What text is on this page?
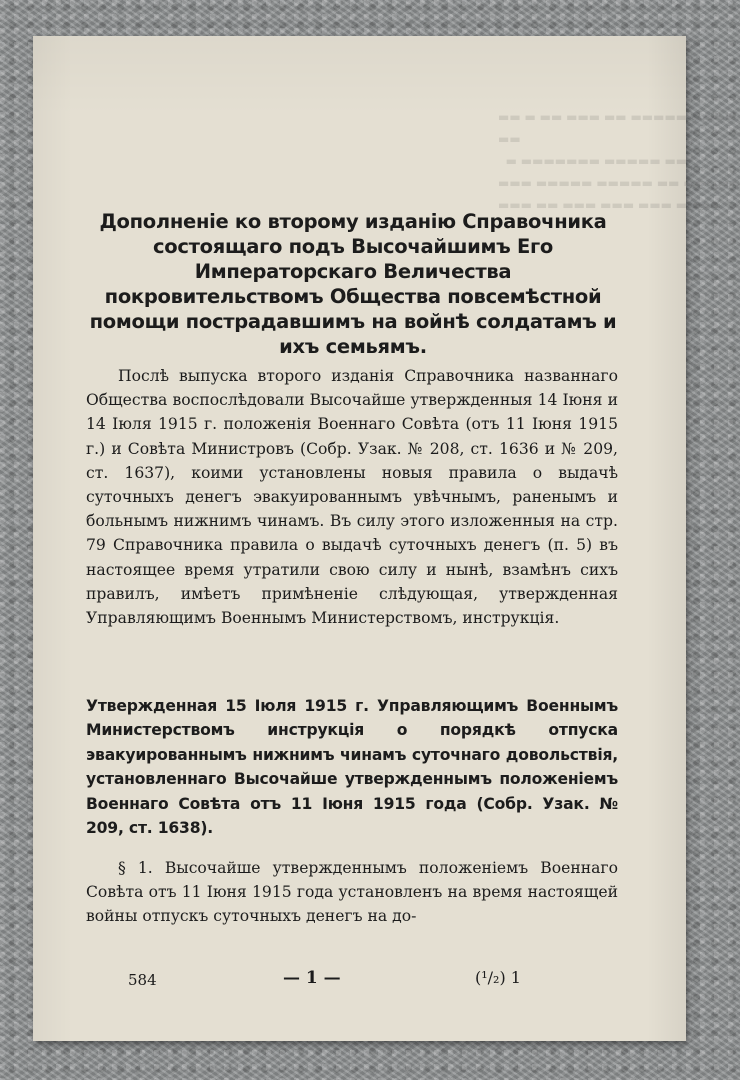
▬▬ ▬ ▬▬ ▬▬▬ ▬▬ ▬▬▬▬▬ ▬▬▬▬
▬▬
▬ ▬▬▬▬▬▬▬ ▬▬▬▬▬ ▬▬
▬▬▬ ▬▬▬▬▬ ▬▬▬▬▬ ▬▬ ▬▬▬▬▬
▬▬▬ ▬▬ ▬▬▬ ▬▬▬ ▬▬▬ ▬▬▬▬

Дополненіе ко второму изданію Справочника состоящаго подъ Высочайшимъ Его Императорскаго Величества покровительствомъ Общества повсемѣстной помощи пострадавшимъ на войнѣ солдатамъ и ихъ семьямъ.

Послѣ выпуска второго изданія Справочника названнаго Общества воспослѣдовали Высочайше утвержденныя 14 Іюня и 14 Іюля 1915 г. положенія Военнаго Совѣта (отъ 11 Іюня 1915 г.) и Совѣта Министровъ (Собр. Узак. № 208, ст. 1636 и № 209, ст. 1637), коими установлены новыя правила о выдачѣ суточныхъ денегъ эвакуированнымъ увѣчнымъ, раненымъ и больнымъ нижнимъ чинамъ. Въ силу этого изложенныя на стр. 79 Справочника правила о выдачѣ суточныхъ денегъ (п. 5) въ настоящее время утратили свою силу и нынѣ, взамѣнъ сихъ правилъ, имѣетъ примѣненіе слѣдующая, утвержденная Управляющимъ Военнымъ Министерствомъ, инструкція.

Утвержденная 15 Іюля 1915 г. Управляющимъ Военнымъ Министерствомъ инструкція о порядкѣ отпуска эвакуированнымъ нижнимъ чинамъ суточнаго довольствія, установленнаго Высочайше утвержденнымъ положеніемъ Военнаго Совѣта отъ 11 Іюня 1915 года (Собр. Узак. № 209, ст. 1638).

§ 1. Высочайше утвержденнымъ положеніемъ Военнаго Совѣта отъ 11 Іюня 1915 года установленъ на время настоящей войны отпускъ суточныхъ денегъ на до-

584	— 1 —	(¹/₂) 1
